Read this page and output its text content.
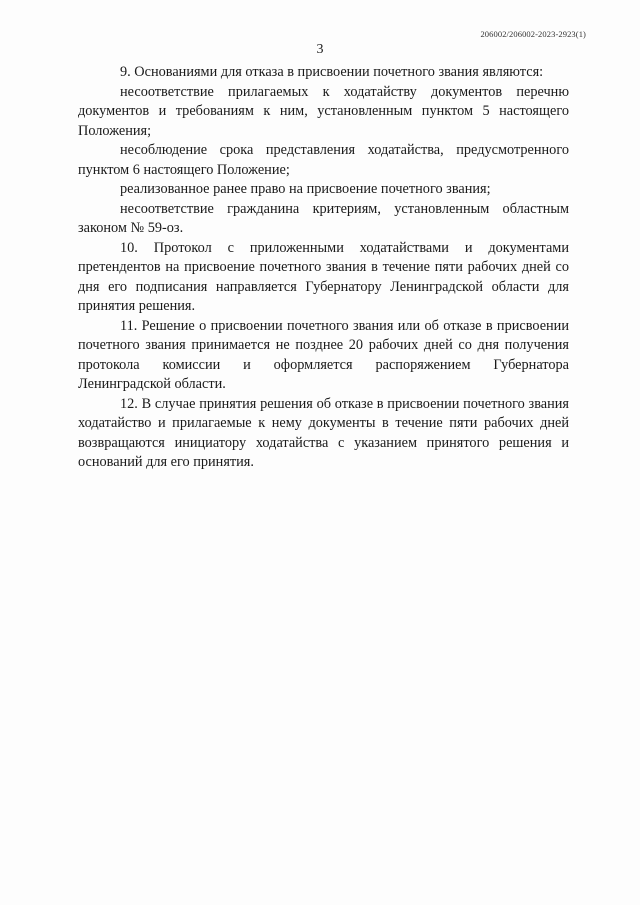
206002/206002-2023-2923(1)
3

9. Основаниями для отказа в присвоении почетного звания являются:

несоответствие прилагаемых к ходатайству документов перечню документов и требованиям к ним, установленным пунктом 5 настоящего Положения;

несоблюдение срока представления ходатайства, предусмотренного пунктом 6 настоящего Положение;

реализованное ранее право на присвоение почетного звания;

несоответствие гражданина критериям, установленным областным законом № 59-оз.

10. Протокол с приложенными ходатайствами и документами претендентов на присвоение почетного звания в течение пяти рабочих дней со дня его подписания направляется Губернатору Ленинградской области для принятия решения.

11. Решение о присвоении почетного звания или об отказе в присвоении почетного звания принимается не позднее 20 рабочих дней со дня получения протокола комиссии и оформляется распоряжением Губернатора Ленинградской области.

12. В случае принятия решения об отказе в присвоении почетного звания ходатайство и прилагаемые к нему документы в течение пяти рабочих дней возвращаются инициатору ходатайства с указанием принятого решения и оснований для его принятия.
